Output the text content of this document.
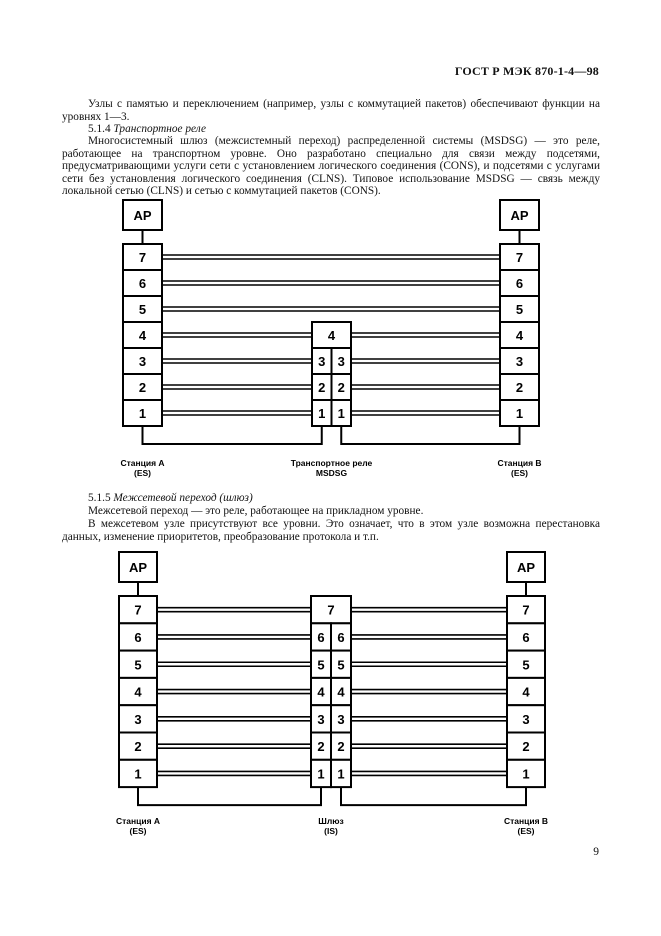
ГОСТ Р МЭК 870-1-4—98
Узлы с памятью и переключением (например, узлы с коммутацией пакетов) обеспечивают функции на уровнях 1—3.
5.1.4 Транспортное реле
Многосистемный шлюз (межсистемный переход) распределенной системы (MSDSG) — это реле, работающее на транспортном уровне. Оно разработано специально для связи между подсетями, предусматривающими услуги сети с установлением логического соединения (CONS), и подсетями с услугами сети без установления логического соединения (CLNS). Типовое использование MSDSG — связь между локальной сетью (CLNS) и сетью с коммутацией пакетов (CONS).
AP	AP
7
6
5
4
3
2
1
7
6
5
4
3
2
1
4
3 3
2 2
1 1
Станция A
(ES)
Транспортное реле
MSDSG
Станция B
(ES)
5.1.5 Межсетевой переход (шлюз)
Межсетевой переход — это реле, работающее на прикладном уровне.
В межсетевом узле присутствуют все уровни. Это означает, что в этом узле возможна перестановка данных, изменение приоритетов, преобразование протокола и т.п.
AP	AP
7
6
5
4
3
2
1
7
6
5
4
3
2
1
7
6 6
5 5
4 4
3 3
2 2
1 1
Станция A
(ES)
Шлюз
(IS)
Станция B
(ES)
9
